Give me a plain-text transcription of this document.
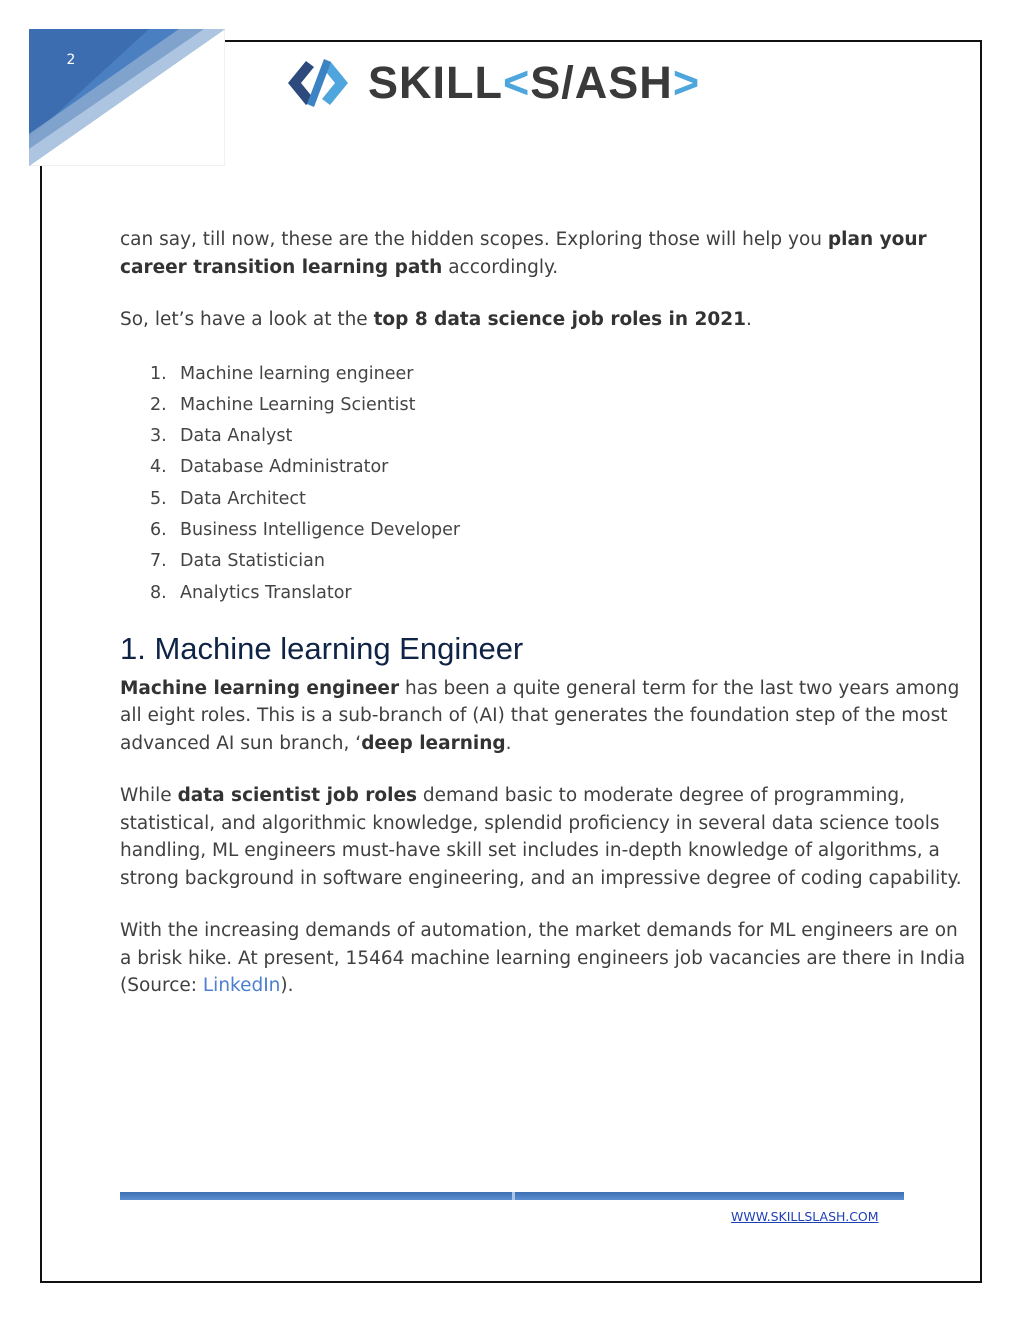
2	SKILL < S/ASH >

can say, till now, these are the hidden scopes. Exploring those will help you plan your career transition learning path accordingly.

So, let’s have a look at the top 8 data science job roles in 2021.

1. Machine learning engineer
2. Machine Learning Scientist
3. Data Analyst
4. Database Administrator
5. Data Architect
6. Business Intelligence Developer
7. Data Statistician
8. Analytics Translator
1. Machine learning Engineer

Machine learning engineer has been a quite general term for the last two years among all eight roles. This is a sub-branch of (AI) that generates the foundation step of the most advanced AI sun branch, ‘deep learning.

While data scientist job roles demand basic to moderate degree of programming, statistical, and algorithmic knowledge, splendid proficiency in several data science tools handling, ML engineers must-have skill set includes in-depth knowledge of algorithms, a strong background in software engineering, and an impressive degree of coding capability.

With the increasing demands of automation, the market demands for ML engineers are on a brisk hike. At present, 15464 machine learning engineers job vacancies are there in India (Source: LinkedIn).

WWW.SKILLSLASH.COM
